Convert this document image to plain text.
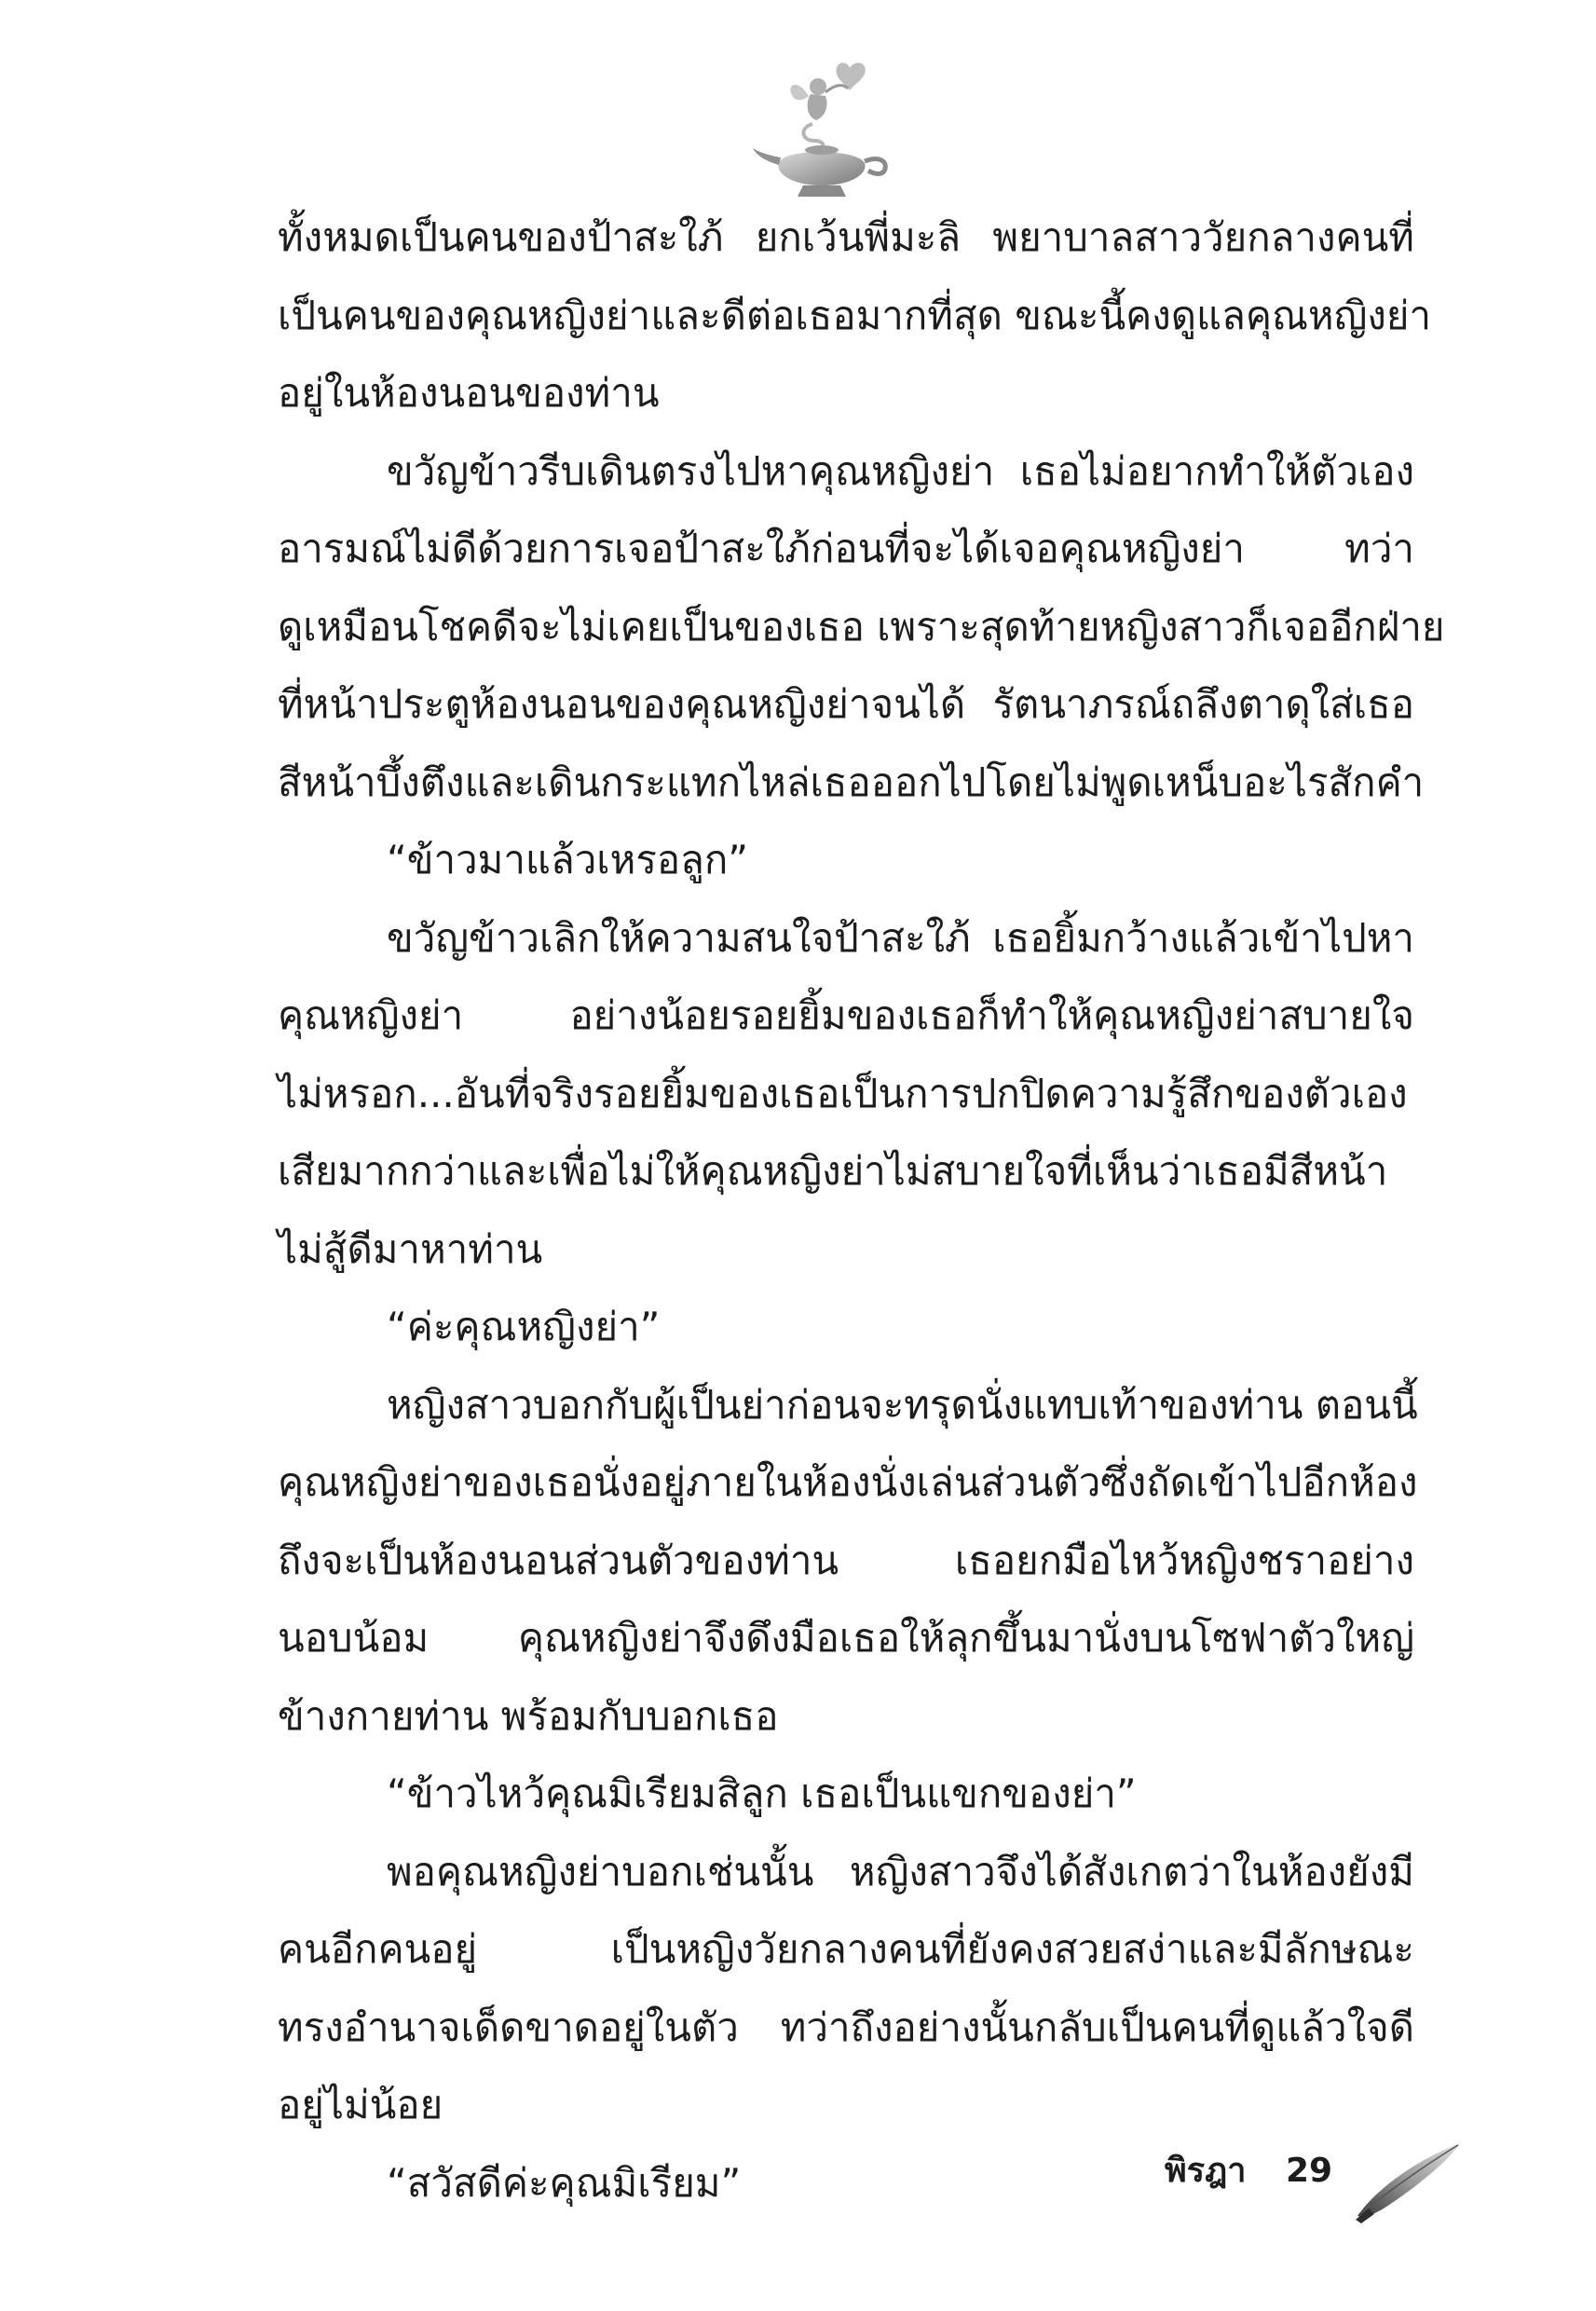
ทั้งหมดเป็นคนของป้าสะใภ้ ยกเว้นพี่มะลิ พยาบาลสาววัยกลางคนที่
เป็นคนของคุณหญิงย่าและดีต่อเธอมากที่สุด ขณะนี้คงดูแลคุณหญิงย่า
อยู่ในห้องนอนของท่าน
ขวัญข้าวรีบเดินตรงไปหาคุณหญิงย่า เธอไม่อยากทำให้ตัวเอง
อารมณ์ไม่ดีด้วยการเจอป้าสะใภ้ก่อนที่จะได้เจอคุณหญิงย่า ทว่า
ดูเหมือนโชคดีจะไม่เคยเป็นของเธอ เพราะสุดท้ายหญิงสาวก็เจออีกฝ่าย
ที่หน้าประตูห้องนอนของคุณหญิงย่าจนได้ รัตนาภรณ์ถลึงตาดุใส่เธอ
สีหน้าบึ้งตึงและเดินกระแทกไหล่เธอออกไปโดยไม่พูดเหน็บอะไรสักคำ
“ข้าวมาแล้วเหรอลูก”
ขวัญข้าวเลิกให้ความสนใจป้าสะใภ้ เธอยิ้มกว้างแล้วเข้าไปหา
คุณหญิงย่า อย่างน้อยรอยยิ้มของเธอก็ทำให้คุณหญิงย่าสบายใจ
ไม่หรอก...อันที่จริงรอยยิ้มของเธอเป็นการปกปิดความรู้สึกของตัวเอง
เสียมากกว่าและเพื่อไม่ให้คุณหญิงย่าไม่สบายใจที่เห็นว่าเธอมีสีหน้า
ไม่สู้ดีมาหาท่าน
“ค่ะคุณหญิงย่า”
หญิงสาวบอกกับผู้เป็นย่าก่อนจะทรุดนั่งแทบเท้าของท่าน ตอนนี้
คุณหญิงย่าของเธอนั่งอยู่ภายในห้องนั่งเล่นส่วนตัวซึ่งถัดเข้าไปอีกห้อง
ถึงจะเป็นห้องนอนส่วนตัวของท่าน เธอยกมือไหว้หญิงชราอย่าง
นอบน้อม คุณหญิงย่าจึงดึงมือเธอให้ลุกขึ้นมานั่งบนโซฟาตัวใหญ่
ข้างกายท่าน พร้อมกับบอกเธอ
“ข้าวไหว้คุณมิเรียมสิลูก เธอเป็นแขกของย่า”
พอคุณหญิงย่าบอกเช่นนั้น หญิงสาวจึงได้สังเกตว่าในห้องยังมี
คนอีกคนอยู่ เป็นหญิงวัยกลางคนที่ยังคงสวยสง่าและมีลักษณะ
ทรงอำนาจเด็ดขาดอยู่ในตัว ทว่าถึงอย่างนั้นกลับเป็นคนที่ดูแล้วใจดี
อยู่ไม่น้อย
“สวัสดีค่ะคุณมิเรียม”	พิรฎา 29
